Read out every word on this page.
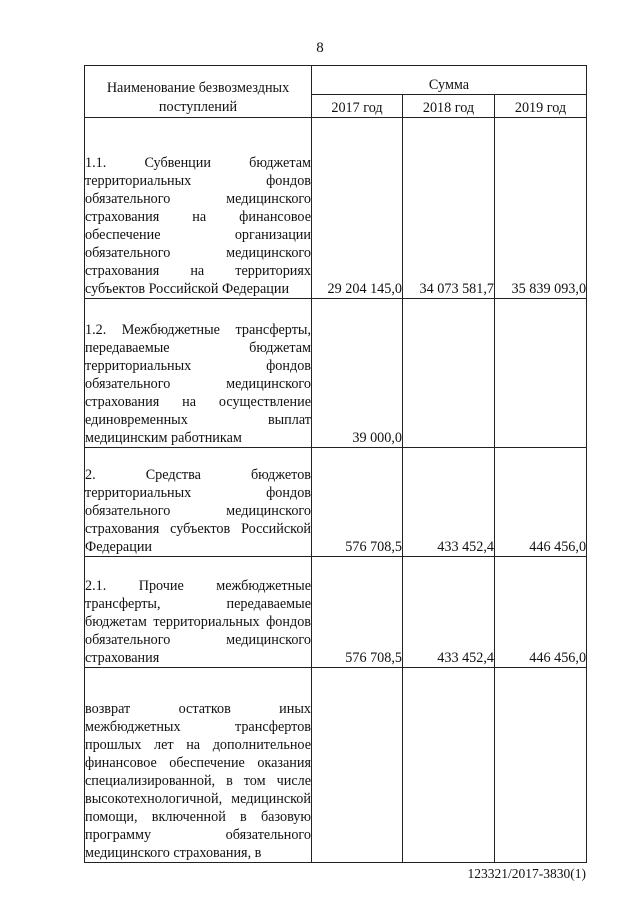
8
Наименование безвозмездных поступлений	Сумма		
	2017 год	2018 год	2019 год

1.1. Субвенции бюджетам территориальных фондов обязательного медицинского страхования на финансовое обеспечение организации обязательного медицинского страхования на территориях субъектов Российской Федерации	29 204 145,0	34 073 581,7	35 839 093,0

1.2. Межбюджетные трансферты, передаваемые бюджетам территориальных фондов обязательного медицинского страхования на осуществление единовременных выплат медицинским работникам	39 000,0		

2. Средства бюджетов территориальных фондов обязательного медицинского страхования субъектов Российской Федерации	576 708,5	433 452,4	446 456,0

2.1. Прочие межбюджетные трансферты, передаваемые бюджетам территориальных фондов обязательного медицинского страхования	576 708,5	433 452,4	446 456,0

возврат остатков иных межбюджетных трансфертов прошлых лет на дополнительное финансовое обеспечение оказания специализированной, в том числе высокотехнологичной, медицинской помощи, включенной в базовую программу обязательного медицинского страхования, в			

123321/2017-3830(1)
